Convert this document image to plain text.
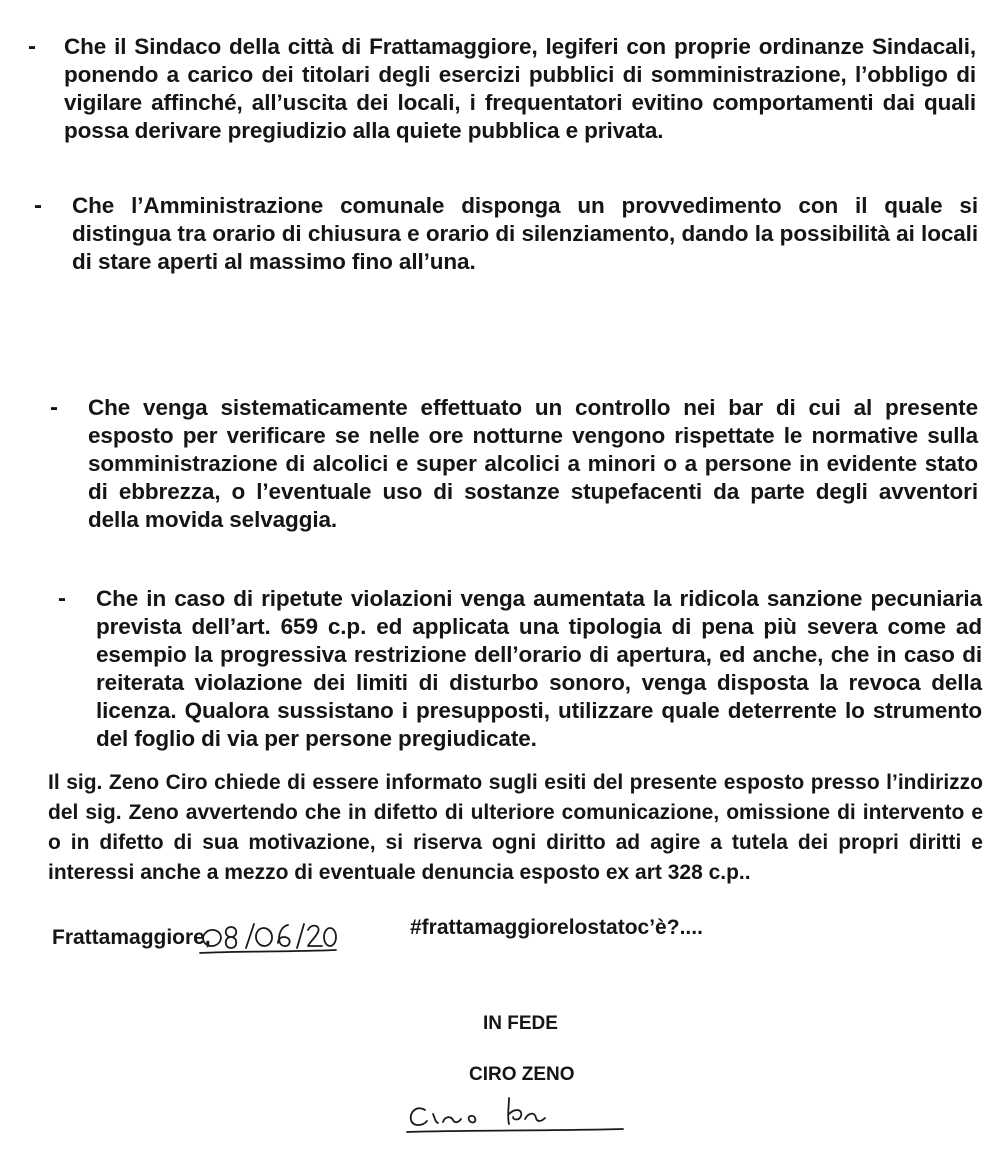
- Che il Sindaco della città di Frattamaggiore, legiferi con proprie ordinanze Sindacali, ponendo a carico dei titolari degli esercizi pubblici di somministrazione, l’obbligo di vigilare affinché, all’uscita dei locali, i frequentatori evitino comportamenti dai quali possa derivare pregiudizio alla quiete pubblica e privata.
- Che l’Amministrazione comunale disponga un provvedimento con il quale si distingua tra orario di chiusura e orario di silenziamento, dando la possibilità ai locali di stare aperti al massimo fino all’una.
- Che venga sistematicamente effettuato un controllo nei bar di cui al presente esposto per verificare se nelle ore notturne vengono rispettate le normative sulla somministrazione di alcolici e super alcolici a minori o a persone in evidente stato di ebbrezza, o l’eventuale uso di sostanze stupefacenti da parte degli avventori della movida selvaggia.
- Che in caso di ripetute violazioni venga aumentata la ridicola sanzione pecuniaria prevista dell’art. 659 c.p. ed applicata una tipologia di pena più severa come ad esempio la progressiva restrizione dell’orario di apertura, ed anche, che in caso di reiterata violazione dei limiti di disturbo sonoro, venga disposta la revoca della licenza. Qualora sussistano i presupposti, utilizzare quale deterrente lo strumento del foglio di via per persone pregiudicate.
Il sig. Zeno Ciro chiede di essere informato sugli esiti del presente esposto presso l’indirizzo del sig. Zeno avvertendo che in difetto di ulteriore comunicazione, omissione di intervento e o in difetto di sua motivazione, si riserva ogni diritto ad agire a tutela dei propri diritti e interessi anche a mezzo di eventuale denuncia esposto ex art 328 c.p..
Frattamaggiore,	#frattamaggiorelostatoc’è?....
IN FEDE
CIRO ZENO
